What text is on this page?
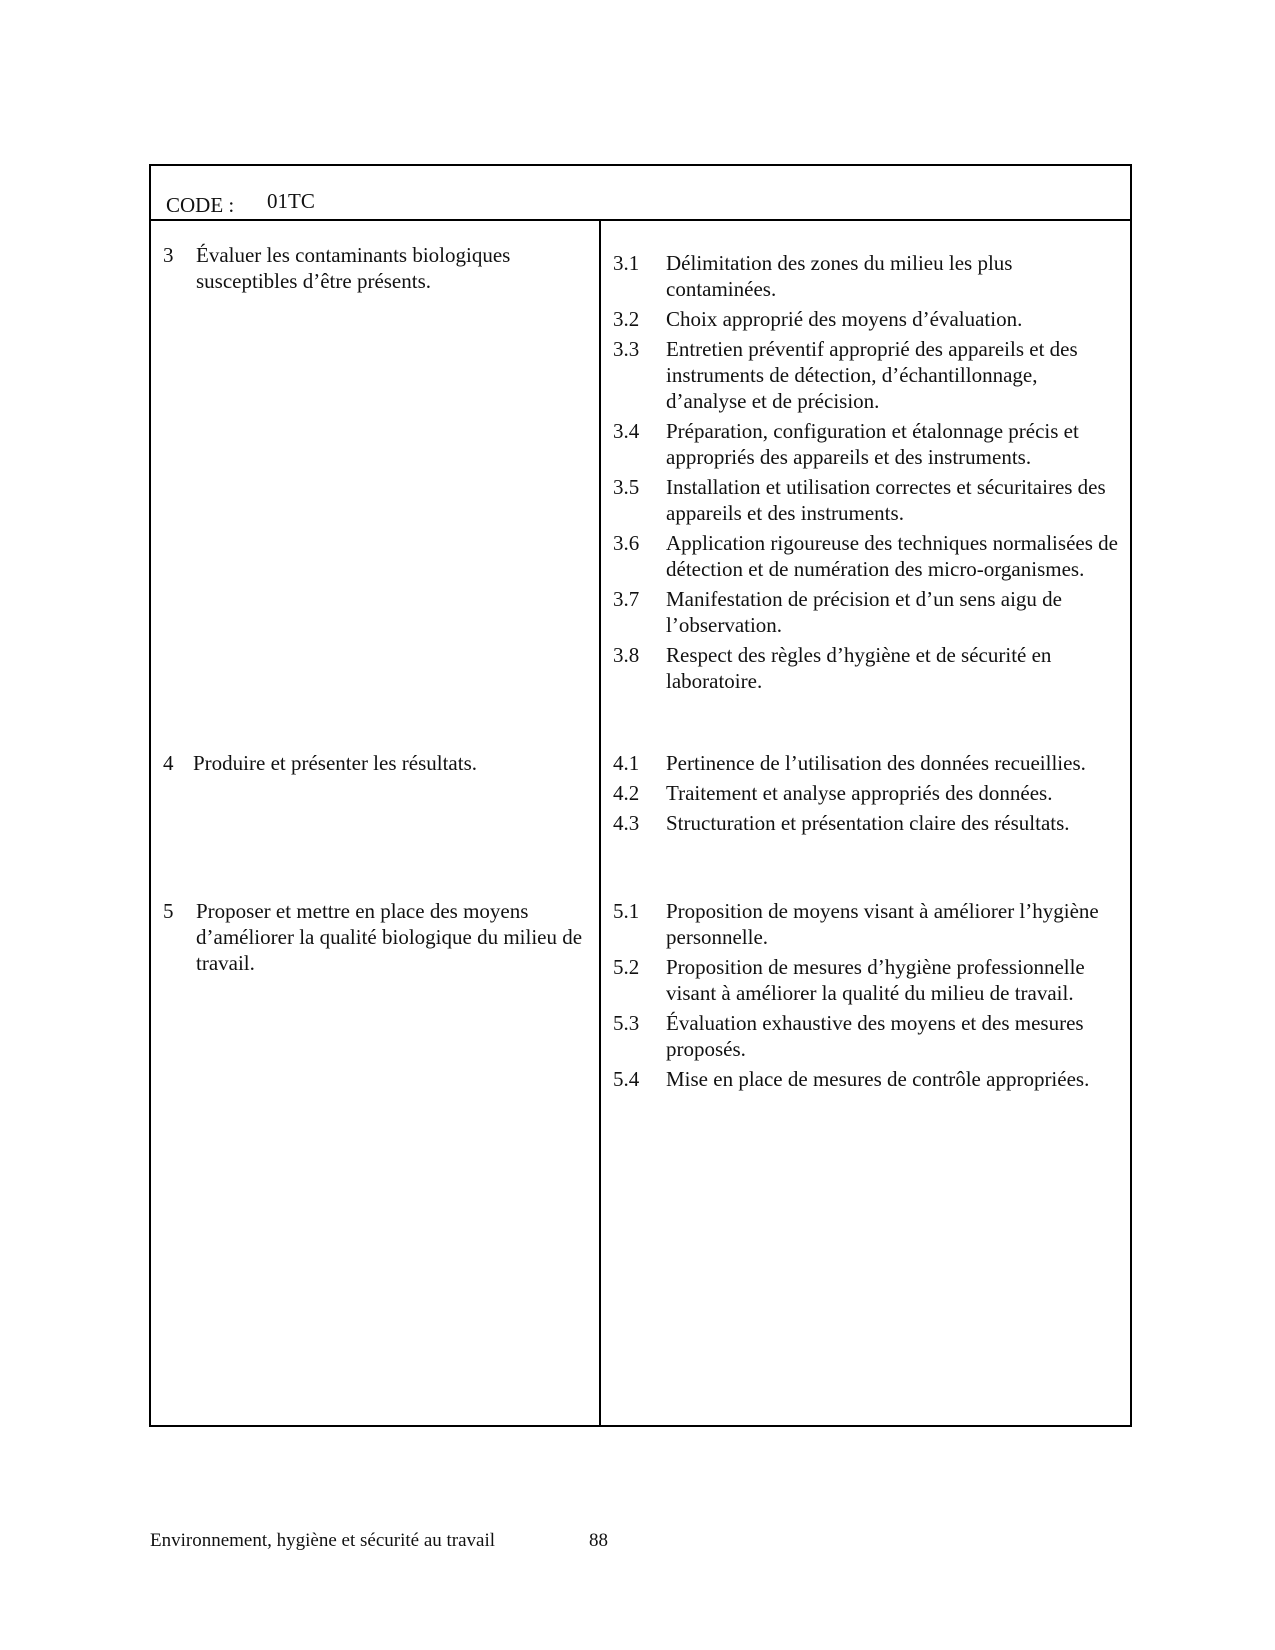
CODE : 01TC
3 Évaluer les contaminants biologiques susceptibles d’être présents.
3.1 Délimitation des zones du milieu les plus contaminées.
3.2 Choix approprié des moyens d’évaluation.
3.3 Entretien préventif approprié des appareils et des instruments de détection, d’échantillonnage, d’analyse et de précision.
3.4 Préparation, configuration et étalonnage précis et appropriés des appareils et des instruments.
3.5 Installation et utilisation correctes et sécuritaires des appareils et des instruments.
3.6 Application rigoureuse des techniques normalisées de détection et de numération des micro-organismes.
3.7 Manifestation de précision et d’un sens aigu de l’observation.
3.8 Respect des règles d’hygiène et de sécurité en laboratoire.
4 Produire et présenter les résultats.	4.1 Pertinence de l’utilisation des données recueillies.
4.2 Traitement et analyse appropriés des données.
4.3 Structuration et présentation claire des résultats.
5 Proposer et mettre en place des moyens d’améliorer la qualité biologique du milieu de travail.
5.1 Proposition de moyens visant à améliorer l’hygiène personnelle.
5.2 Proposition de mesures d’hygiène professionnelle visant à améliorer la qualité du milieu de travail.
5.3 Évaluation exhaustive des moyens et des mesures proposés.
5.4 Mise en place de mesures de contrôle appropriées.
Environnement, hygiène et sécurité au travail	88
